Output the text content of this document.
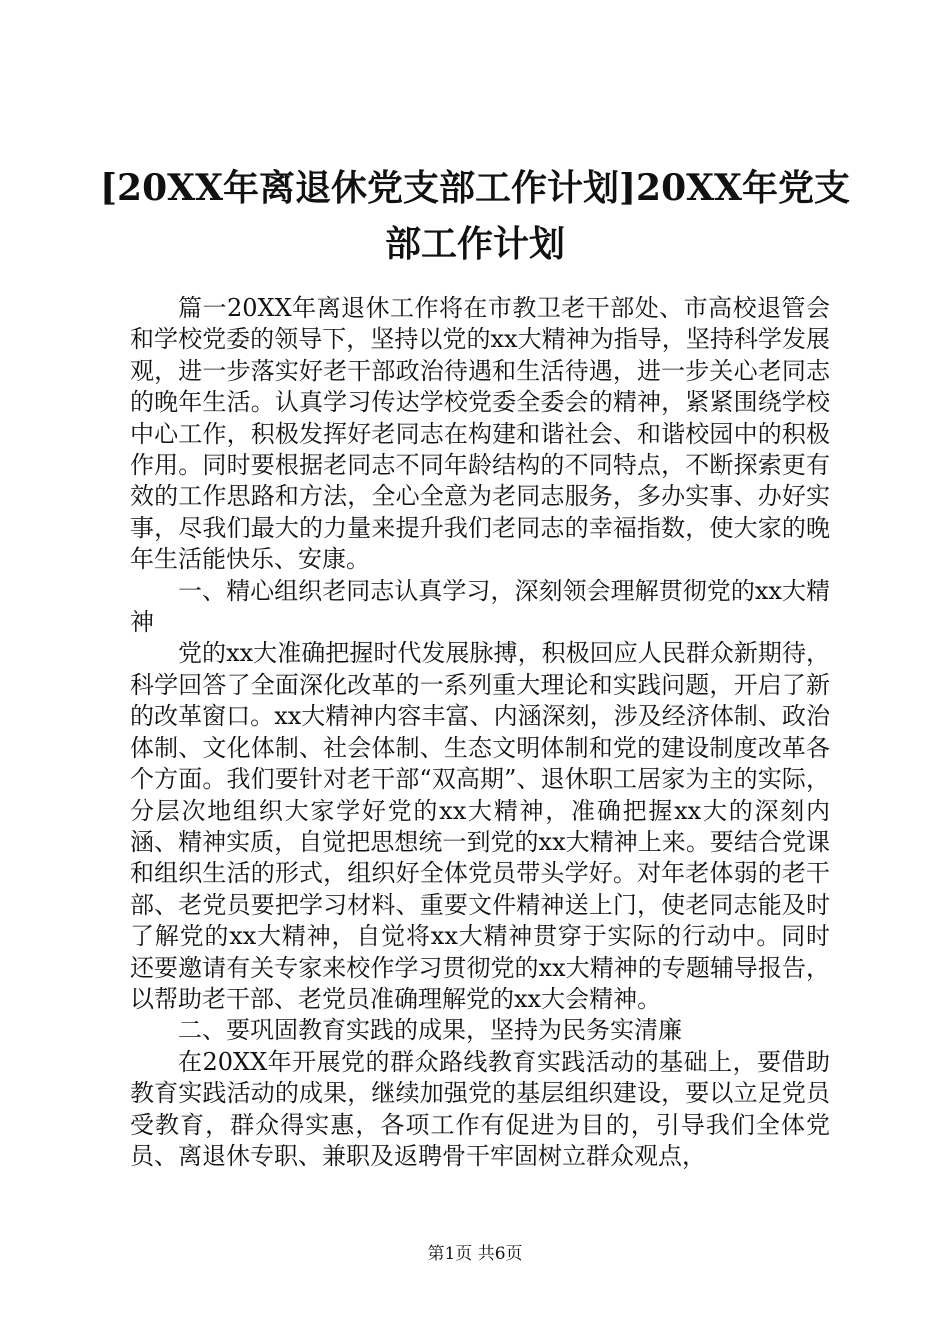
[20XX年离退休党支部工作计划]20XX年党支部工作计划

篇一20XX年离退休工作将在市教卫老干部处、市高校退管会和学校党委的领导下，坚持以党的xx大精神为指导，坚持科学发展观，进一步落实好老干部政治待遇和生活待遇，进一步关心老同志的晚年生活。认真学习传达学校党委全委会的精神，紧紧围绕学校中心工作，积极发挥好老同志在构建和谐社会、和谐校园中的积极作用。同时要根据老同志不同年龄结构的不同特点，不断探索更有效的工作思路和方法，全心全意为老同志服务，多办实事、办好实事，尽我们最大的力量来提升我们老同志的幸福指数，使大家的晚年生活能快乐、安康。

一、精心组织老同志认真学习，深刻领会理解贯彻党的xx大精神

党的xx大准确把握时代发展脉搏，积极回应人民群众新期待，科学回答了全面深化改革的一系列重大理论和实践问题，开启了新的改革窗口。xx大精神内容丰富、内涵深刻，涉及经济体制、政治体制、文化体制、社会体制、生态文明体制和党的建设制度改革各个方面。我们要针对老干部“双高期”、退休职工居家为主的实际，分层次地组织大家学好党的xx大精神，准确把握xx大的深刻内涵、精神实质，自觉把思想统一到党的xx大精神上来。要结合党课和组织生活的形式，组织好全体党员带头学好。对年老体弱的老干部、老党员要把学习材料、重要文件精神送上门，使老同志能及时了解党的xx大精神，自觉将xx大精神贯穿于实际的行动中。同时还要邀请有关专家来校作学习贯彻党的xx大精神的专题辅导报告，以帮助老干部、老党员准确理解党的xx大会精神。

二、要巩固教育实践的成果，坚持为民务实清廉

在20XX年开展党的群众路线教育实践活动的基础上，要借助教育实践活动的成果，继续加强党的基层组织建设，要以立足党员受教育，群众得实惠，各项工作有促进为目的，引导我们全体党员、离退休专职、兼职及返聘骨干牢固树立群众观点，

第1页 共6页
